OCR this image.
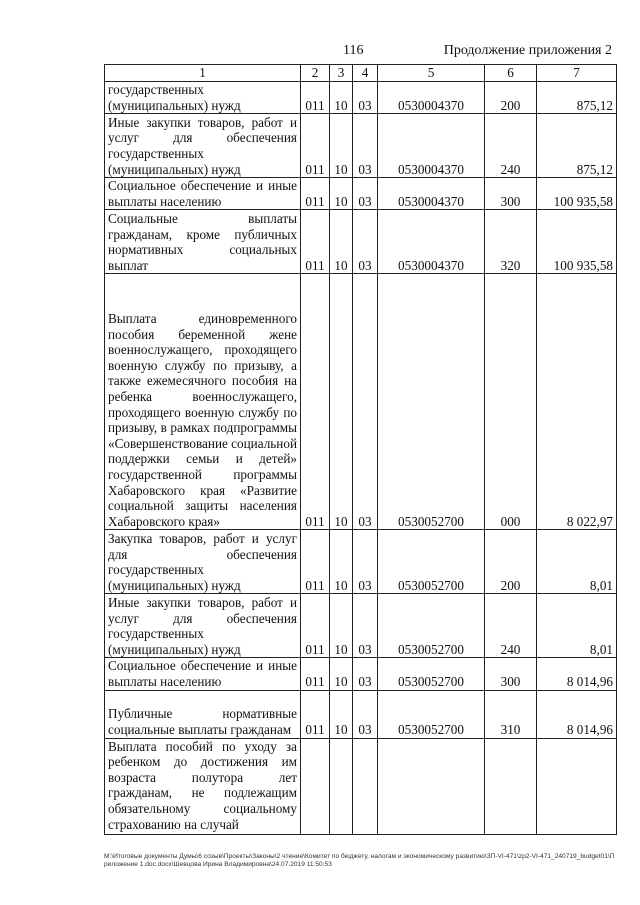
116	Продолжение приложения 2
1	2	3	4	5	6	7
государственных (муниципальных) нужд	011	10	03	0530004370	200	875,12
Иные закупки товаров, работ и услуг для обеспечения государственных (муниципальных) нужд	011	10	03	0530004370	240	875,12
Социальное обеспечение и иные выплаты населению	011	10	03	0530004370	300	100 935,58
Социальные выплаты гражданам, кроме публичных нормативных социальных выплат	011	10	03	0530004370	320	100 935,58
Выплата единовременного пособия беременной жене военнослужащего, проходящего военную службу по призыву, а также ежемесячного пособия на ребенка военнослужащего, проходящего военную службу по призыву, в рамках подпрограммы «Совершенствование социальной поддержки семьи и детей» государственной программы Хабаровского края «Развитие социальной защиты населения Хабаровского края»	011	10	03	0530052700	000	8 022,97
Закупка товаров, работ и услуг для обеспечения государственных (муниципальных) нужд	011	10	03	0530052700	200	8,01
Иные закупки товаров, работ и услуг для обеспечения государственных (муниципальных) нужд	011	10	03	0530052700	240	8,01
Социальное обеспечение и иные выплаты населению	011	10	03	0530052700	300	8 014,96
Публичные нормативные социальные выплаты гражданам	011	10	03	0530052700	310	8 014,96
Выплата пособий по уходу за ребенком до достижения им возраста полутора лет гражданам, не подлежащим обязательному социальному страхованию на случай						
М:\Итоговые документы Думы\6 созыв\Проекты\Законы\2 чтение\Комитет по бюджету, налогам и экономическому развитию\ЗП-VI-471\zp2-VI-471_240719_budget01\Приложение 1.doc.docx\Шевцова Ирина Владимировна\24.07.2019 11:50:53
